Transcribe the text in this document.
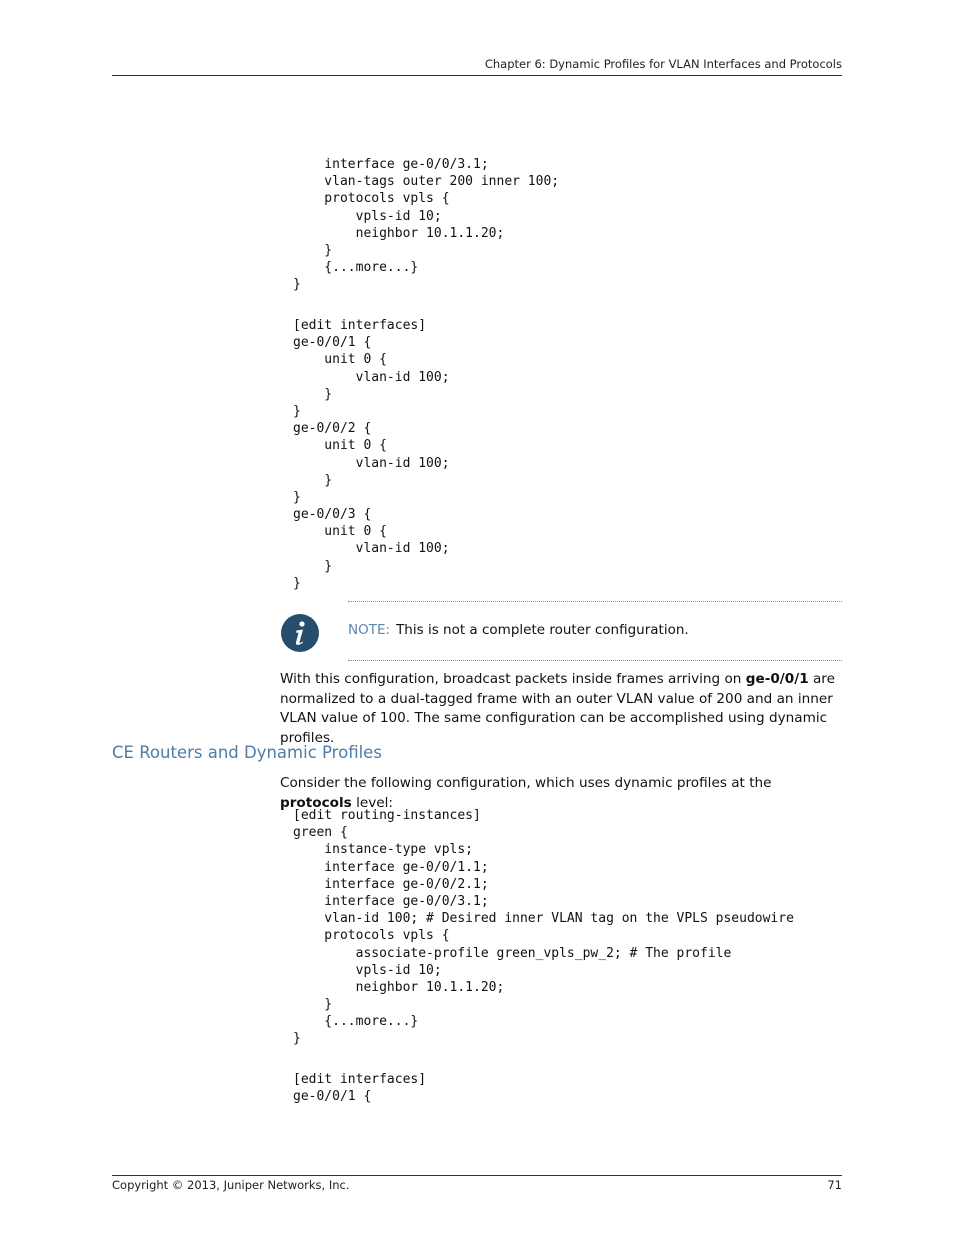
Chapter 6: Dynamic Profiles for VLAN Interfaces and Protocols
interface ge-0/0/3.1;
vlan-tags outer 200 inner 100;
protocols vpls {
vpls-id 10;
neighbor 10.1.1.20;
}
{...more...}
}
[edit interfaces]
ge-0/0/1 {
unit 0 {
vlan-id 100;
}
}
ge-0/0/2 {
unit 0 {
vlan-id 100;
}
}
ge-0/0/3 {
unit 0 {
vlan-id 100;
}
}
NOTE: This is not a complete router configuration.
With this configuration, broadcast packets inside frames arriving on ge-0/0/1 are normalized to a dual-tagged frame with an outer VLAN value of 200 and an inner VLAN value of 100. The same configuration can be accomplished using dynamic profiles.
CE Routers and Dynamic Profiles
Consider the following configuration, which uses dynamic profiles at the protocols level:
[edit routing-instances]
green {
instance-type vpls;
interface ge-0/0/1.1;
interface ge-0/0/2.1;
interface ge-0/0/3.1;
vlan-id 100; # Desired inner VLAN tag on the VPLS pseudowire
protocols vpls {
associate-profile green_vpls_pw_2; # The profile
vpls-id 10;
neighbor 10.1.1.20;
}
{...more...}
}
[edit interfaces]
ge-0/0/1 {
Copyright © 2013, Juniper Networks, Inc.	71
